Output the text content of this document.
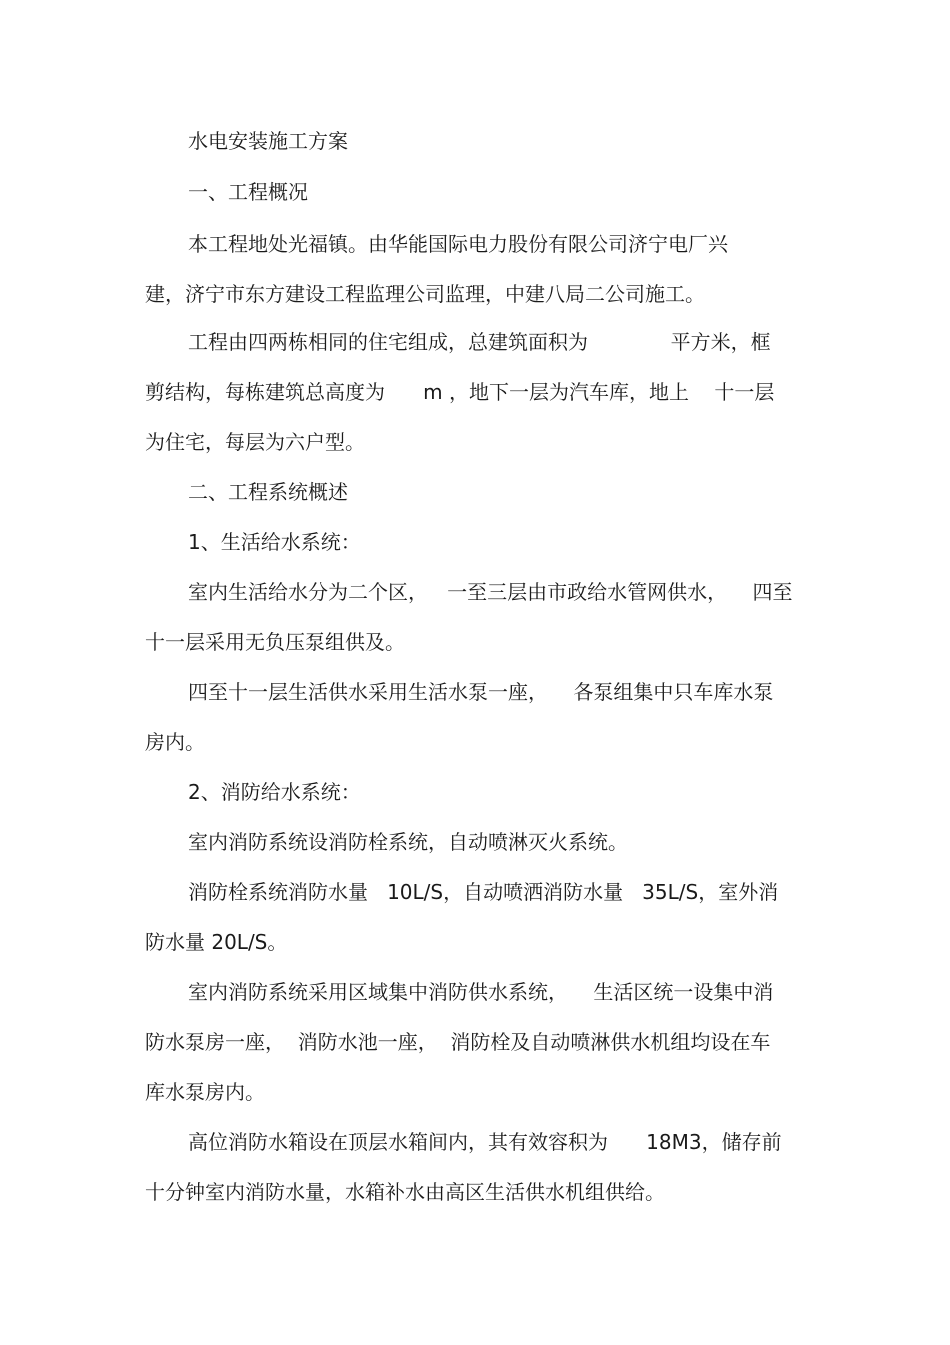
水电安装施工方案
一、工程概况
本工程地处光福镇。由华能国际电力股份有限公司济宁电厂兴
建，济宁市东方建设工程监理公司监理，中建八局二公司施工。
工程由四两栋相同的住宅组成，总建筑面积为             平方米，框
剪结构，每栋建筑总高度为      m ，地下一层为汽车库，地上    十一层
为住宅，每层为六户型。
二、工程系统概述
1、生活给水系统：
室内生活给水分为二个区，   一至三层由市政给水管网供水，    四至
十一层采用无负压泵组供及。
四至十一层生活供水采用生活水泵一座，    各泵组集中只车库水泵
房内。
2、消防给水系统：
室内消防系统设消防栓系统，自动喷淋灭火系统。
消防栓系统消防水量   10L/S，自动喷洒消防水量   35L/S，室外消
防水量 20L/S。
室内消防系统采用区域集中消防供水系统，    生活区统一设集中消
防水泵房一座，  消防水池一座，  消防栓及自动喷淋供水机组均设在车
库水泵房内。
高位消防水箱设在顶层水箱间内，其有效容积为      18M3，储存前
十分钟室内消防水量，水箱补水由高区生活供水机组供给。
